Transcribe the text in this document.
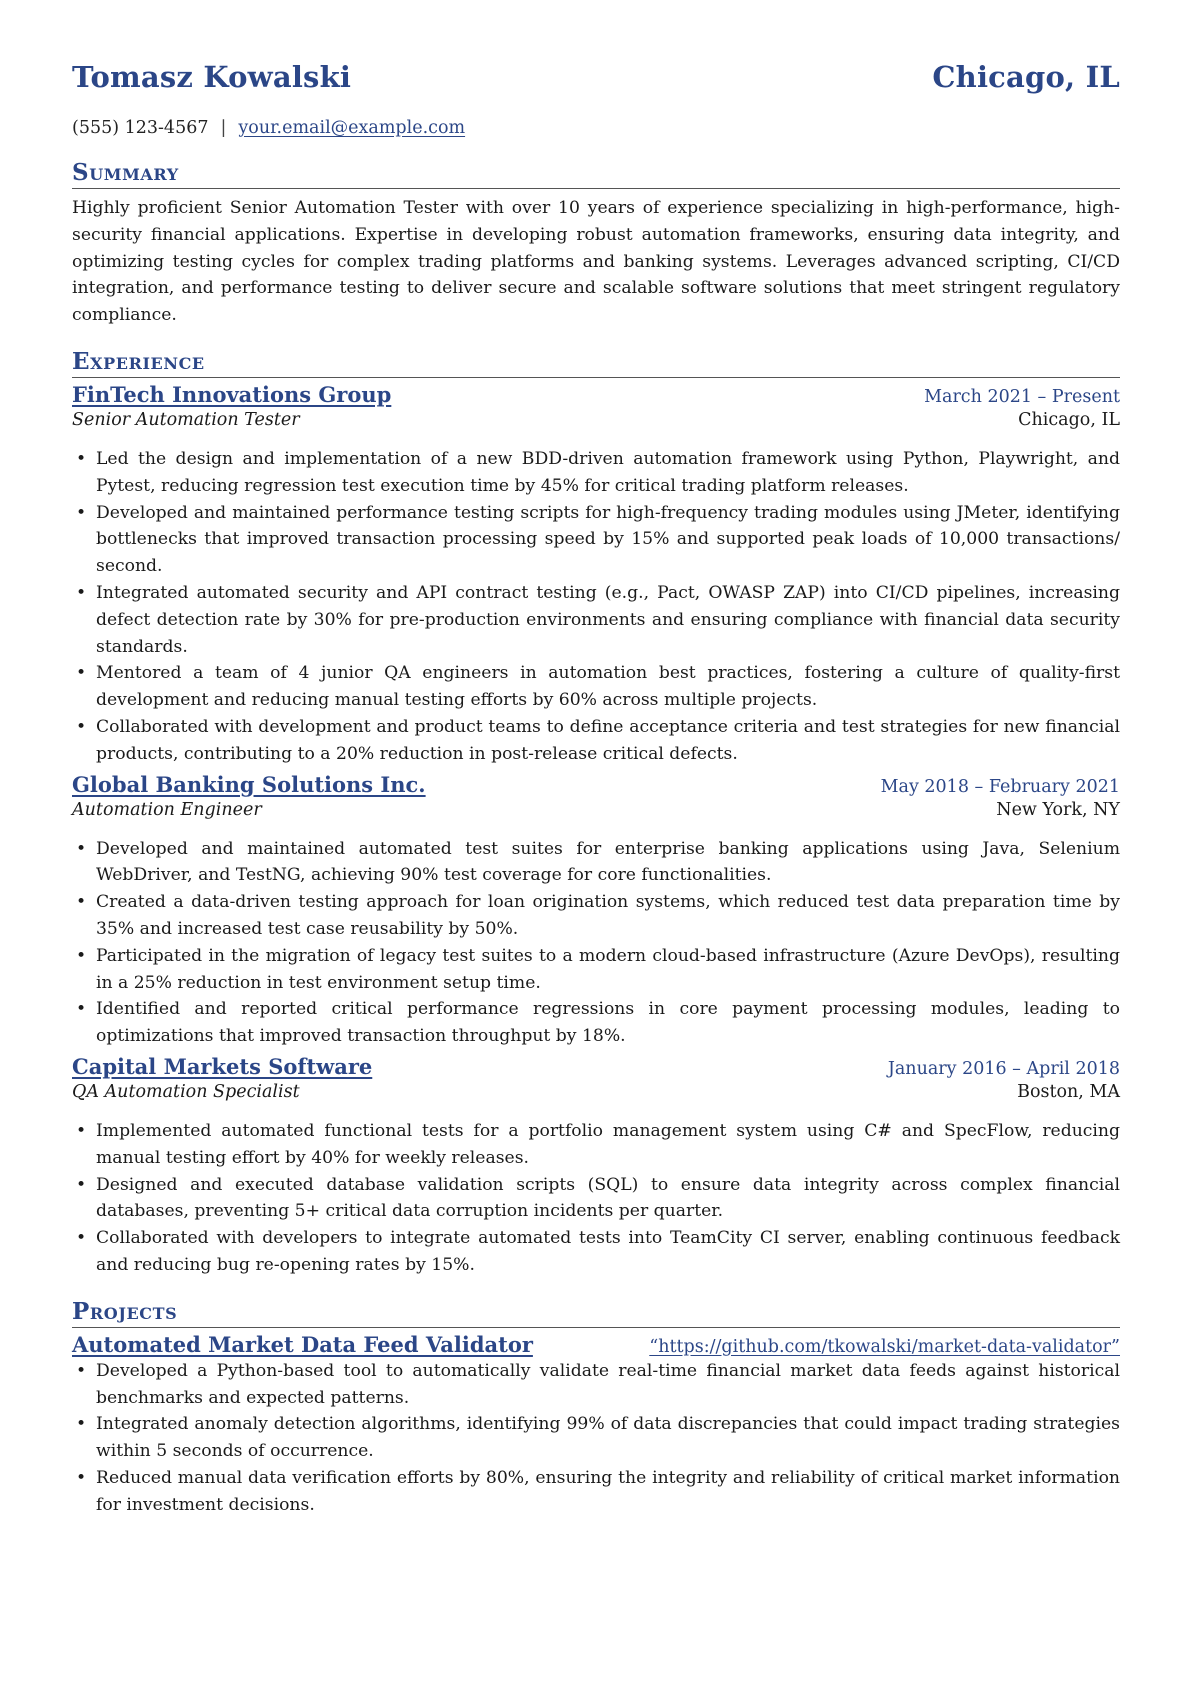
Tomasz Kowalski	Chicago, IL
(555) 123-4567 | your.email@example.com
Summary
Highly proficient Senior Automation Tester with over 10 years of experience specializing in high-performance, high-security financial applications. Expertise in developing robust automation frameworks, ensuring data integrity, and optimizing testing cycles for complex trading platforms and banking systems. Leverages advanced scripting, CI/CD integration, and performance testing to deliver secure and scalable software solutions that meet stringent regulatory compliance.
Experience
FinTech Innovations Group	March 2021 – Present
Senior Automation Tester	Chicago, IL
• Led the design and implementation of a new BDD-driven automation framework using Python, Playwright, and Pytest, reducing regression test execution time by 45% for critical trading platform releases.
• Developed and maintained performance testing scripts for high-frequency trading modules using JMeter, identifying bottlenecks that improved transaction processing speed by 15% and supported peak loads of 10,000 transactions/ second.
• Integrated automated security and API contract testing (e.g., Pact, OWASP ZAP) into CI/CD pipelines, increasing defect detection rate by 30% for pre-production environments and ensuring compliance with financial data security standards.
• Mentored a team of 4 junior QA engineers in automation best practices, fostering a culture of quality-first development and reducing manual testing efforts by 60% across multiple projects.
• Collaborated with development and product teams to define acceptance criteria and test strategies for new financial products, contributing to a 20% reduction in post-release critical defects.
Global Banking Solutions Inc.	May 2018 – February 2021
Automation Engineer	New York, NY
• Developed and maintained automated test suites for enterprise banking applications using Java, Selenium WebDriver, and TestNG, achieving 90% test coverage for core functionalities.
• Created a data-driven testing approach for loan origination systems, which reduced test data preparation time by 35% and increased test case reusability by 50%.
• Participated in the migration of legacy test suites to a modern cloud-based infrastructure (Azure DevOps), resulting in a 25% reduction in test environment setup time.
• Identified and reported critical performance regressions in core payment processing modules, leading to optimizations that improved transaction throughput by 18%.
Capital Markets Software	January 2016 – April 2018
QA Automation Specialist	Boston, MA
• Implemented automated functional tests for a portfolio management system using C# and SpecFlow, reducing manual testing effort by 40% for weekly releases.
• Designed and executed database validation scripts (SQL) to ensure data integrity across complex financial databases, preventing 5+ critical data corruption incidents per quarter.
• Collaborated with developers to integrate automated tests into TeamCity CI server, enabling continuous feedback and reducing bug re-opening rates by 15%.
Projects
Automated Market Data Feed Validator	“https://github.com/tkowalski/market-data-validator”
• Developed a Python-based tool to automatically validate real-time financial market data feeds against historical benchmarks and expected patterns.
• Integrated anomaly detection algorithms, identifying 99% of data discrepancies that could impact trading strategies within 5 seconds of occurrence.
• Reduced manual data verification efforts by 80%, ensuring the integrity and reliability of critical market information for investment decisions.
